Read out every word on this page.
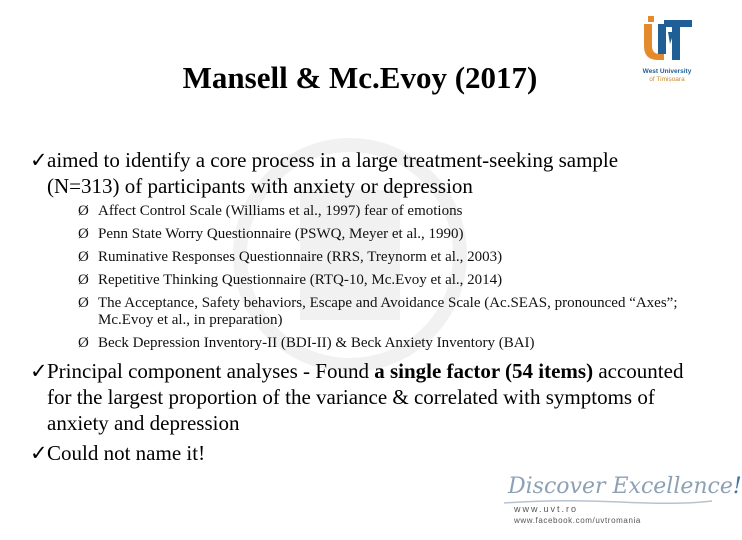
West University
of Timișoara
Mansell & Mc.Evoy (2017)
✓ aimed to identify a core process in a large treatment-seeking sample (N=313) of participants with anxiety or depression
Ø Affect Control Scale (Williams et al., 1997) fear of emotions
Ø Penn State Worry Questionnaire (PSWQ, Meyer et al., 1990)
Ø Ruminative Responses Questionnaire (RRS, Treynorm et al., 2003)
Ø Repetitive Thinking Questionnaire (RTQ-10, Mc.Evoy et al., 2014)
Ø The Acceptance, Safety behaviors, Escape and Avoidance Scale (Ac.SEAS, pronounced “Axes”; Mc.Evoy et al., in preparation)
Ø Beck Depression Inventory-II (BDI-II) & Beck Anxiety Inventory (BAI)
✓ Principal component analyses - Found a single factor (54 items) accounted for the largest proportion of the variance & correlated with symptoms of anxiety and depression
✓ Could not name it!
Discover Excellence!
www.uvt.ro
www.facebook.com/uvtromania
